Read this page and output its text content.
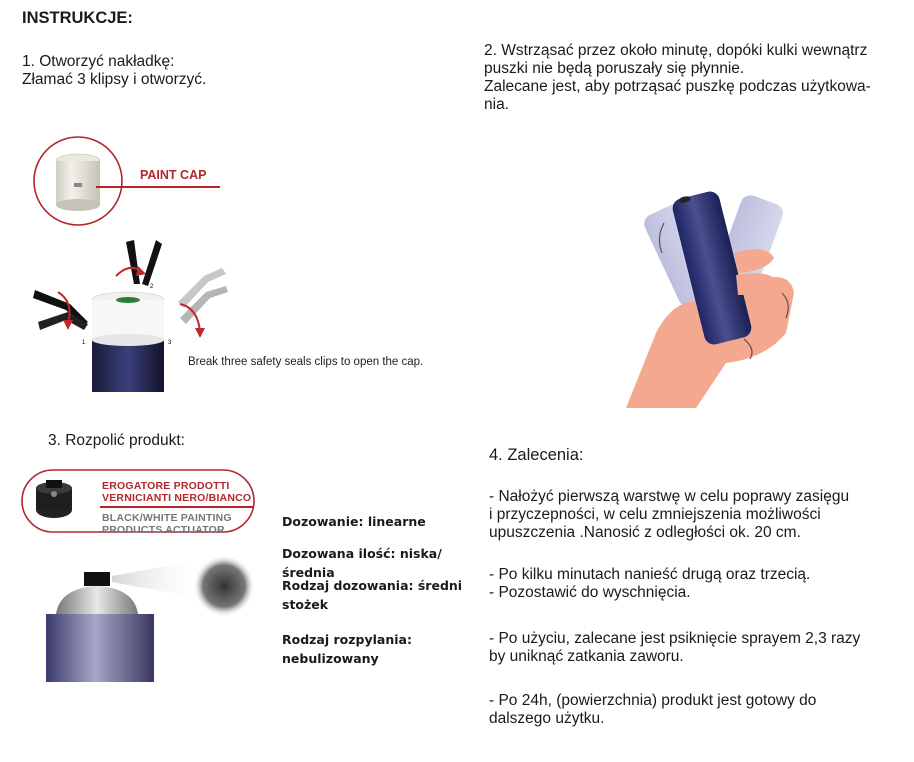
INSTRUKCJE:
1. Otworzyć nakładkę:
Złamać 3 klipsy i otworzyć.
2. Wstrząsać przez około minutę, dopóki kulki wewnątrz
puszki nie będą poruszały się płynnie.
Zalecane jest, aby potrząsać puszkę podczas użytkowa-
nia.
PAINT CAP
1
2
3
Break three safety seals clips to open the cap.
3. Rozpolić produkt:
EROGATORE PRODOTTI
VERNICIANTI NERO/BIANCO
BLACK/WHITE PAINTING
PRODUCTS ACTUATOR
Dozowanie: linearne
Dozowana ilość: niska/średnia
Rodzaj dozowania: średni
stożek
Rodzaj rozpylania:
nebulizowany
4. Zalecenia:
- Nałożyć pierwszą warstwę w celu poprawy zasięgu
i przyczepności, w celu zmniejszenia możliwości
upuszczenia .Nanosić z odległości ok. 20 cm.
- Po kilku minutach nanieść drugą oraz trzecią.
- Pozostawić do wyschnięcia.
- Po użyciu, zalecane jest psiknięcie sprayem 2,3 razy
by uniknąć zatkania zaworu.
- Po 24h, (powierzchnia) produkt jest gotowy do
dalszego użytku.
